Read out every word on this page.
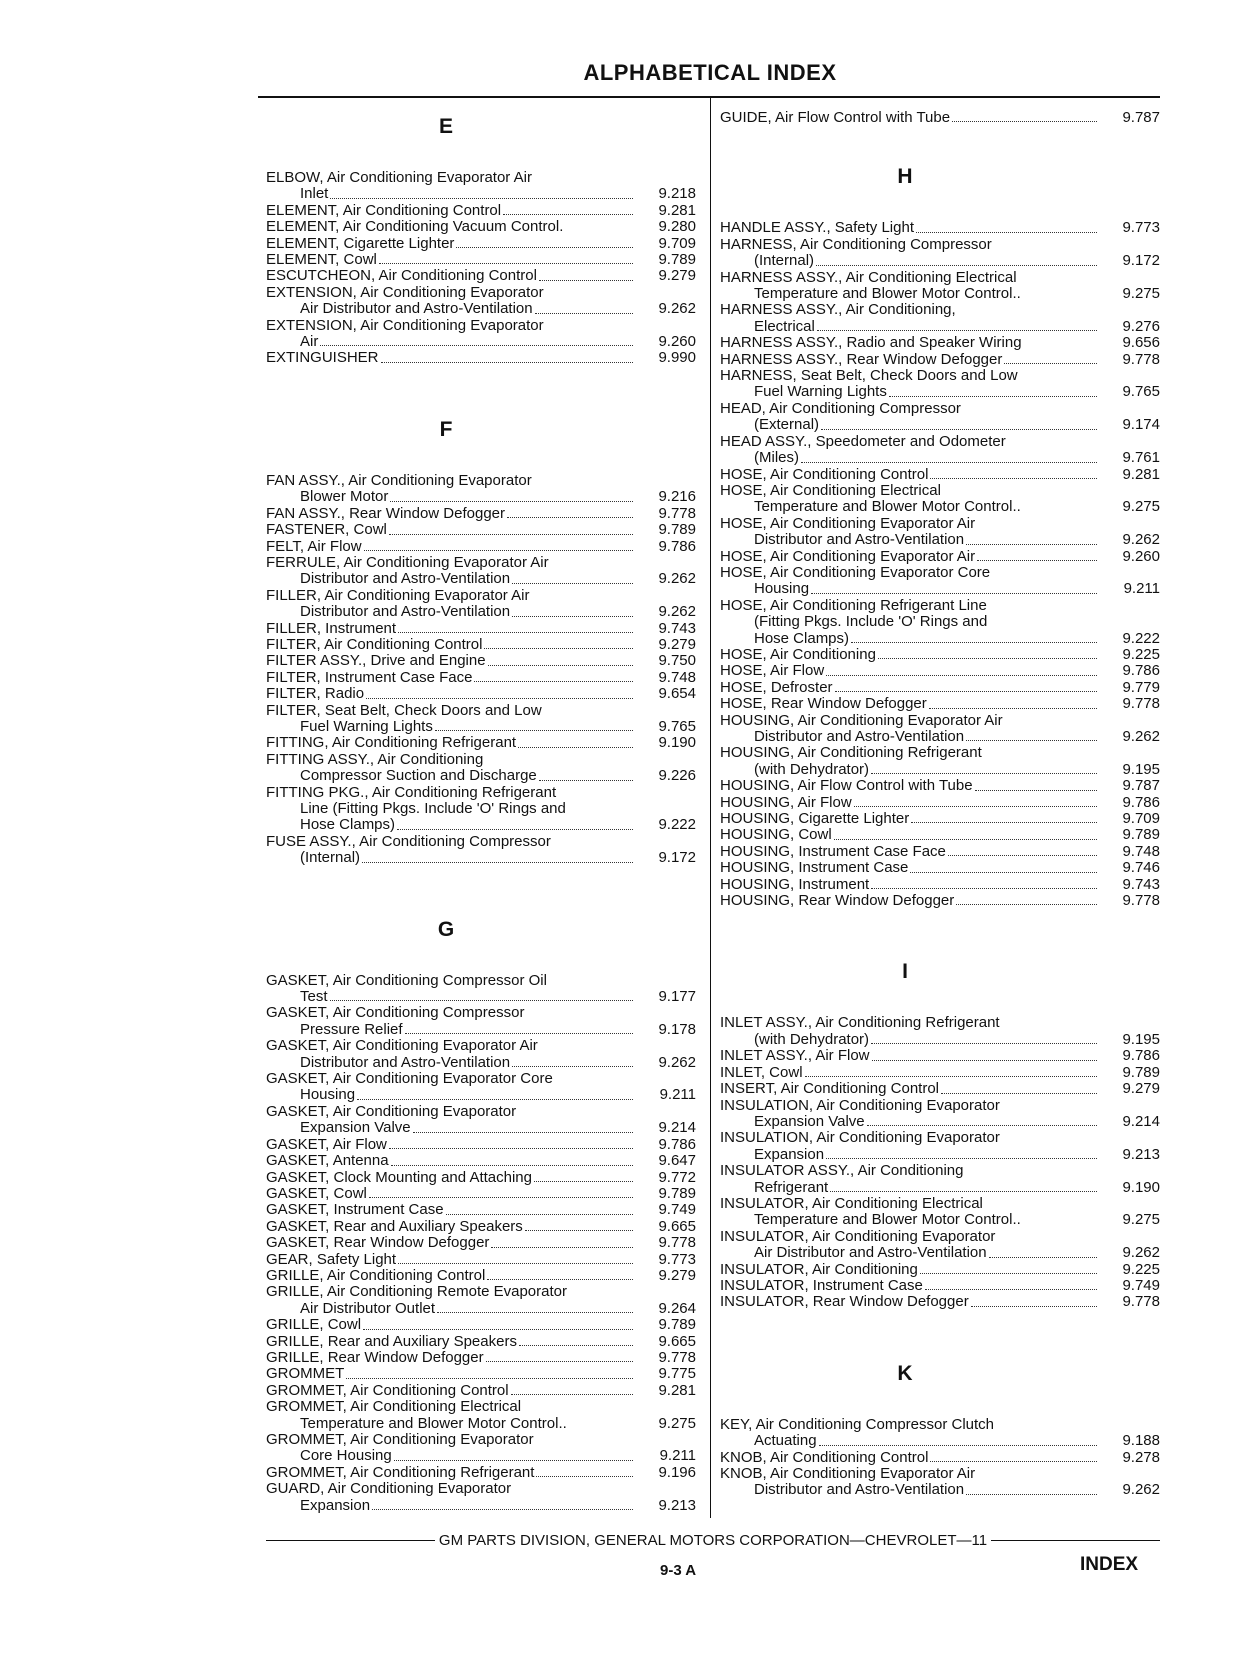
ALPHABETICAL INDEX
E
ELBOW, Air Conditioning Evaporator Air
Inlet	9.218
ELEMENT, Air Conditioning Control	9.281
ELEMENT, Air Conditioning Vacuum Control.	9.280
ELEMENT, Cigarette Lighter	9.709
ELEMENT, Cowl	9.789
ESCUTCHEON, Air Conditioning Control	9.279
EXTENSION, Air Conditioning Evaporator
Air Distributor and Astro-Ventilation	9.262
EXTENSION, Air Conditioning Evaporator
Air	9.260
EXTINGUISHER	9.990
F
FAN ASSY., Air Conditioning Evaporator
Blower Motor	9.216
FAN ASSY., Rear Window Defogger	9.778
FASTENER, Cowl	9.789
FELT, Air Flow	9.786
FERRULE, Air Conditioning Evaporator Air
Distributor and Astro-Ventilation	9.262
FILLER, Air Conditioning Evaporator Air
Distributor and Astro-Ventilation	9.262
FILLER, Instrument	9.743
FILTER, Air Conditioning Control	9.279
FILTER ASSY., Drive and Engine	9.750
FILTER, Instrument Case Face	9.748
FILTER, Radio	9.654
FILTER, Seat Belt, Check Doors and Low
Fuel Warning Lights	9.765
FITTING, Air Conditioning Refrigerant	9.190
FITTING ASSY., Air Conditioning
Compressor Suction and Discharge	9.226
FITTING PKG., Air Conditioning Refrigerant
Line (Fitting Pkgs. Include 'O' Rings and
Hose Clamps)	9.222
FUSE ASSY., Air Conditioning Compressor
(Internal)	9.172
G
GASKET, Air Conditioning Compressor Oil
Test	9.177
GASKET, Air Conditioning Compressor
Pressure Relief	9.178
GASKET, Air Conditioning Evaporator Air
Distributor and Astro-Ventilation	9.262
GASKET, Air Conditioning Evaporator Core
Housing	9.211
GASKET, Air Conditioning Evaporator
Expansion Valve	9.214
GASKET, Air Flow	9.786
GASKET, Antenna	9.647
GASKET, Clock Mounting and Attaching	9.772
GASKET, Cowl	9.789
GASKET, Instrument Case	9.749
GASKET, Rear and Auxiliary Speakers	9.665
GASKET, Rear Window Defogger	9.778
GEAR, Safety Light	9.773
GRILLE, Air Conditioning Control	9.279
GRILLE, Air Conditioning Remote Evaporator
Air Distributor Outlet	9.264
GRILLE, Cowl	9.789
GRILLE, Rear and Auxiliary Speakers	9.665
GRILLE, Rear Window Defogger	9.778
GROMMET	9.775
GROMMET, Air Conditioning Control	9.281
GROMMET, Air Conditioning Electrical
Temperature and Blower Motor Control..	9.275
GROMMET, Air Conditioning Evaporator
Core Housing	9.211
GROMMET, Air Conditioning Refrigerant	9.196
GUARD, Air Conditioning Evaporator
Expansion	9.213
GUIDE, Air Flow Control with Tube	9.787
H
HANDLE ASSY., Safety Light	9.773
HARNESS, Air Conditioning Compressor
(Internal)	9.172
HARNESS ASSY., Air Conditioning Electrical
Temperature and Blower Motor Control..	9.275
HARNESS ASSY., Air Conditioning,
Electrical	9.276
HARNESS ASSY., Radio and Speaker Wiring	9.656
HARNESS ASSY., Rear Window Defogger	9.778
HARNESS, Seat Belt, Check Doors and Low
Fuel Warning Lights	9.765
HEAD, Air Conditioning Compressor
(External)	9.174
HEAD ASSY., Speedometer and Odometer
(Miles)	9.761
HOSE, Air Conditioning Control	9.281
HOSE, Air Conditioning Electrical
Temperature and Blower Motor Control..	9.275
HOSE, Air Conditioning Evaporator Air
Distributor and Astro-Ventilation	9.262
HOSE, Air Conditioning Evaporator Air	9.260
HOSE, Air Conditioning Evaporator Core
Housing	9.211
HOSE, Air Conditioning Refrigerant Line
(Fitting Pkgs. Include 'O' Rings and
Hose Clamps)	9.222
HOSE, Air Conditioning	9.225
HOSE, Air Flow	9.786
HOSE, Defroster	9.779
HOSE, Rear Window Defogger	9.778
HOUSING, Air Conditioning Evaporator Air
Distributor and Astro-Ventilation	9.262
HOUSING, Air Conditioning Refrigerant
(with Dehydrator)	9.195
HOUSING, Air Flow Control with Tube	9.787
HOUSING, Air Flow	9.786
HOUSING, Cigarette Lighter	9.709
HOUSING, Cowl	9.789
HOUSING, Instrument Case Face	9.748
HOUSING, Instrument Case	9.746
HOUSING, Instrument	9.743
HOUSING, Rear Window Defogger	9.778
I
INLET ASSY., Air Conditioning Refrigerant
(with Dehydrator)	9.195
INLET ASSY., Air Flow	9.786
INLET, Cowl	9.789
INSERT, Air Conditioning Control	9.279
INSULATION, Air Conditioning Evaporator
Expansion Valve	9.214
INSULATION, Air Conditioning Evaporator
Expansion	9.213
INSULATOR ASSY., Air Conditioning
Refrigerant	9.190
INSULATOR, Air Conditioning Electrical
Temperature and Blower Motor Control..	9.275
INSULATOR, Air Conditioning Evaporator
Air Distributor and Astro-Ventilation	9.262
INSULATOR, Air Conditioning	9.225
INSULATOR, Instrument Case	9.749
INSULATOR, Rear Window Defogger	9.778
K
KEY, Air Conditioning Compressor Clutch
Actuating	9.188
KNOB, Air Conditioning Control	9.278
KNOB, Air Conditioning Evaporator Air
Distributor and Astro-Ventilation	9.262
GM PARTS DIVISION, GENERAL MOTORS CORPORATION—CHEVROLET—11
9-3 A	INDEX
